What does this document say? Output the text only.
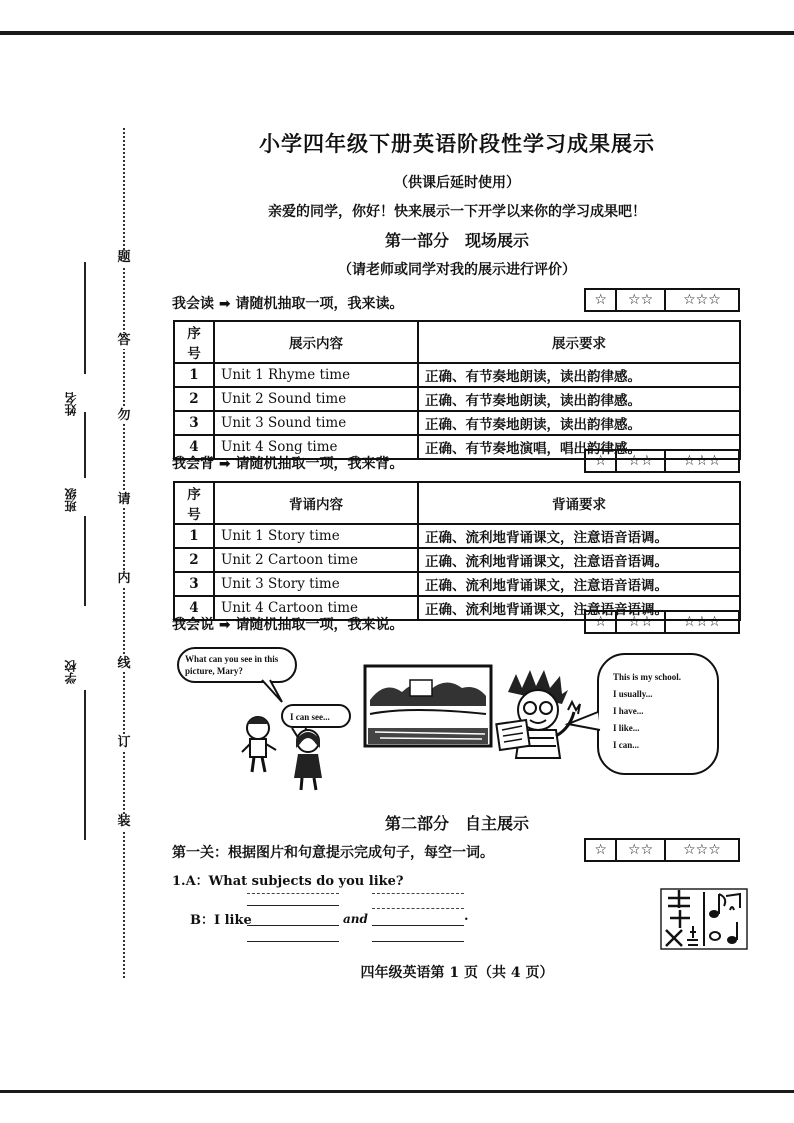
题
答
勿
请
内
线
订
装
姓名
班级
学校
小学四年级下册英语阶段性学习成果展示
（供课后延时使用）
亲爱的同学，你好！快来展示一下开学以来你的学习成果吧！
第一部分　现场展示
（请老师或同学对我的展示进行评价）
我会读 ➡ 请随机抽取一项，我来读。	☆	☆☆	☆☆☆
序号	展示内容	展示要求
1	Unit 1 Rhyme time	正确、有节奏地朗读，读出韵律感。
2	Unit 2 Sound time	正确、有节奏地朗读，读出韵律感。
3	Unit 3 Sound time	正确、有节奏地朗读，读出韵律感。
4	Unit 4 Song time	正确、有节奏地演唱，唱出韵律感。
我会背 ➡ 请随机抽取一项，我来背。	☆	☆☆	☆☆☆
序号	背诵内容	背诵要求
1	Unit 1 Story time	正确、流利地背诵课文，注意语音语调。
2	Unit 2 Cartoon time	正确、流利地背诵课文，注意语音语调。
3	Unit 3 Story time	正确、流利地背诵课文，注意语音语调。
4	Unit 4 Cartoon time	正确、流利地背诵课文，注意语音语调。
我会说 ➡ 请随机抽取一项，我来说。	☆	☆☆	☆☆☆
What can you see in this picture, Mary?
I can see...
This is my school.
I usually...
I have...
I like...
I can...
第二部分　自主展示
第一关：根据图片和句意提示完成句子，每空一词。	☆	☆☆	☆☆☆
1.A：What subjects do you like?
B：I like	and	.
四年级英语第 1 页（共 4 页）
